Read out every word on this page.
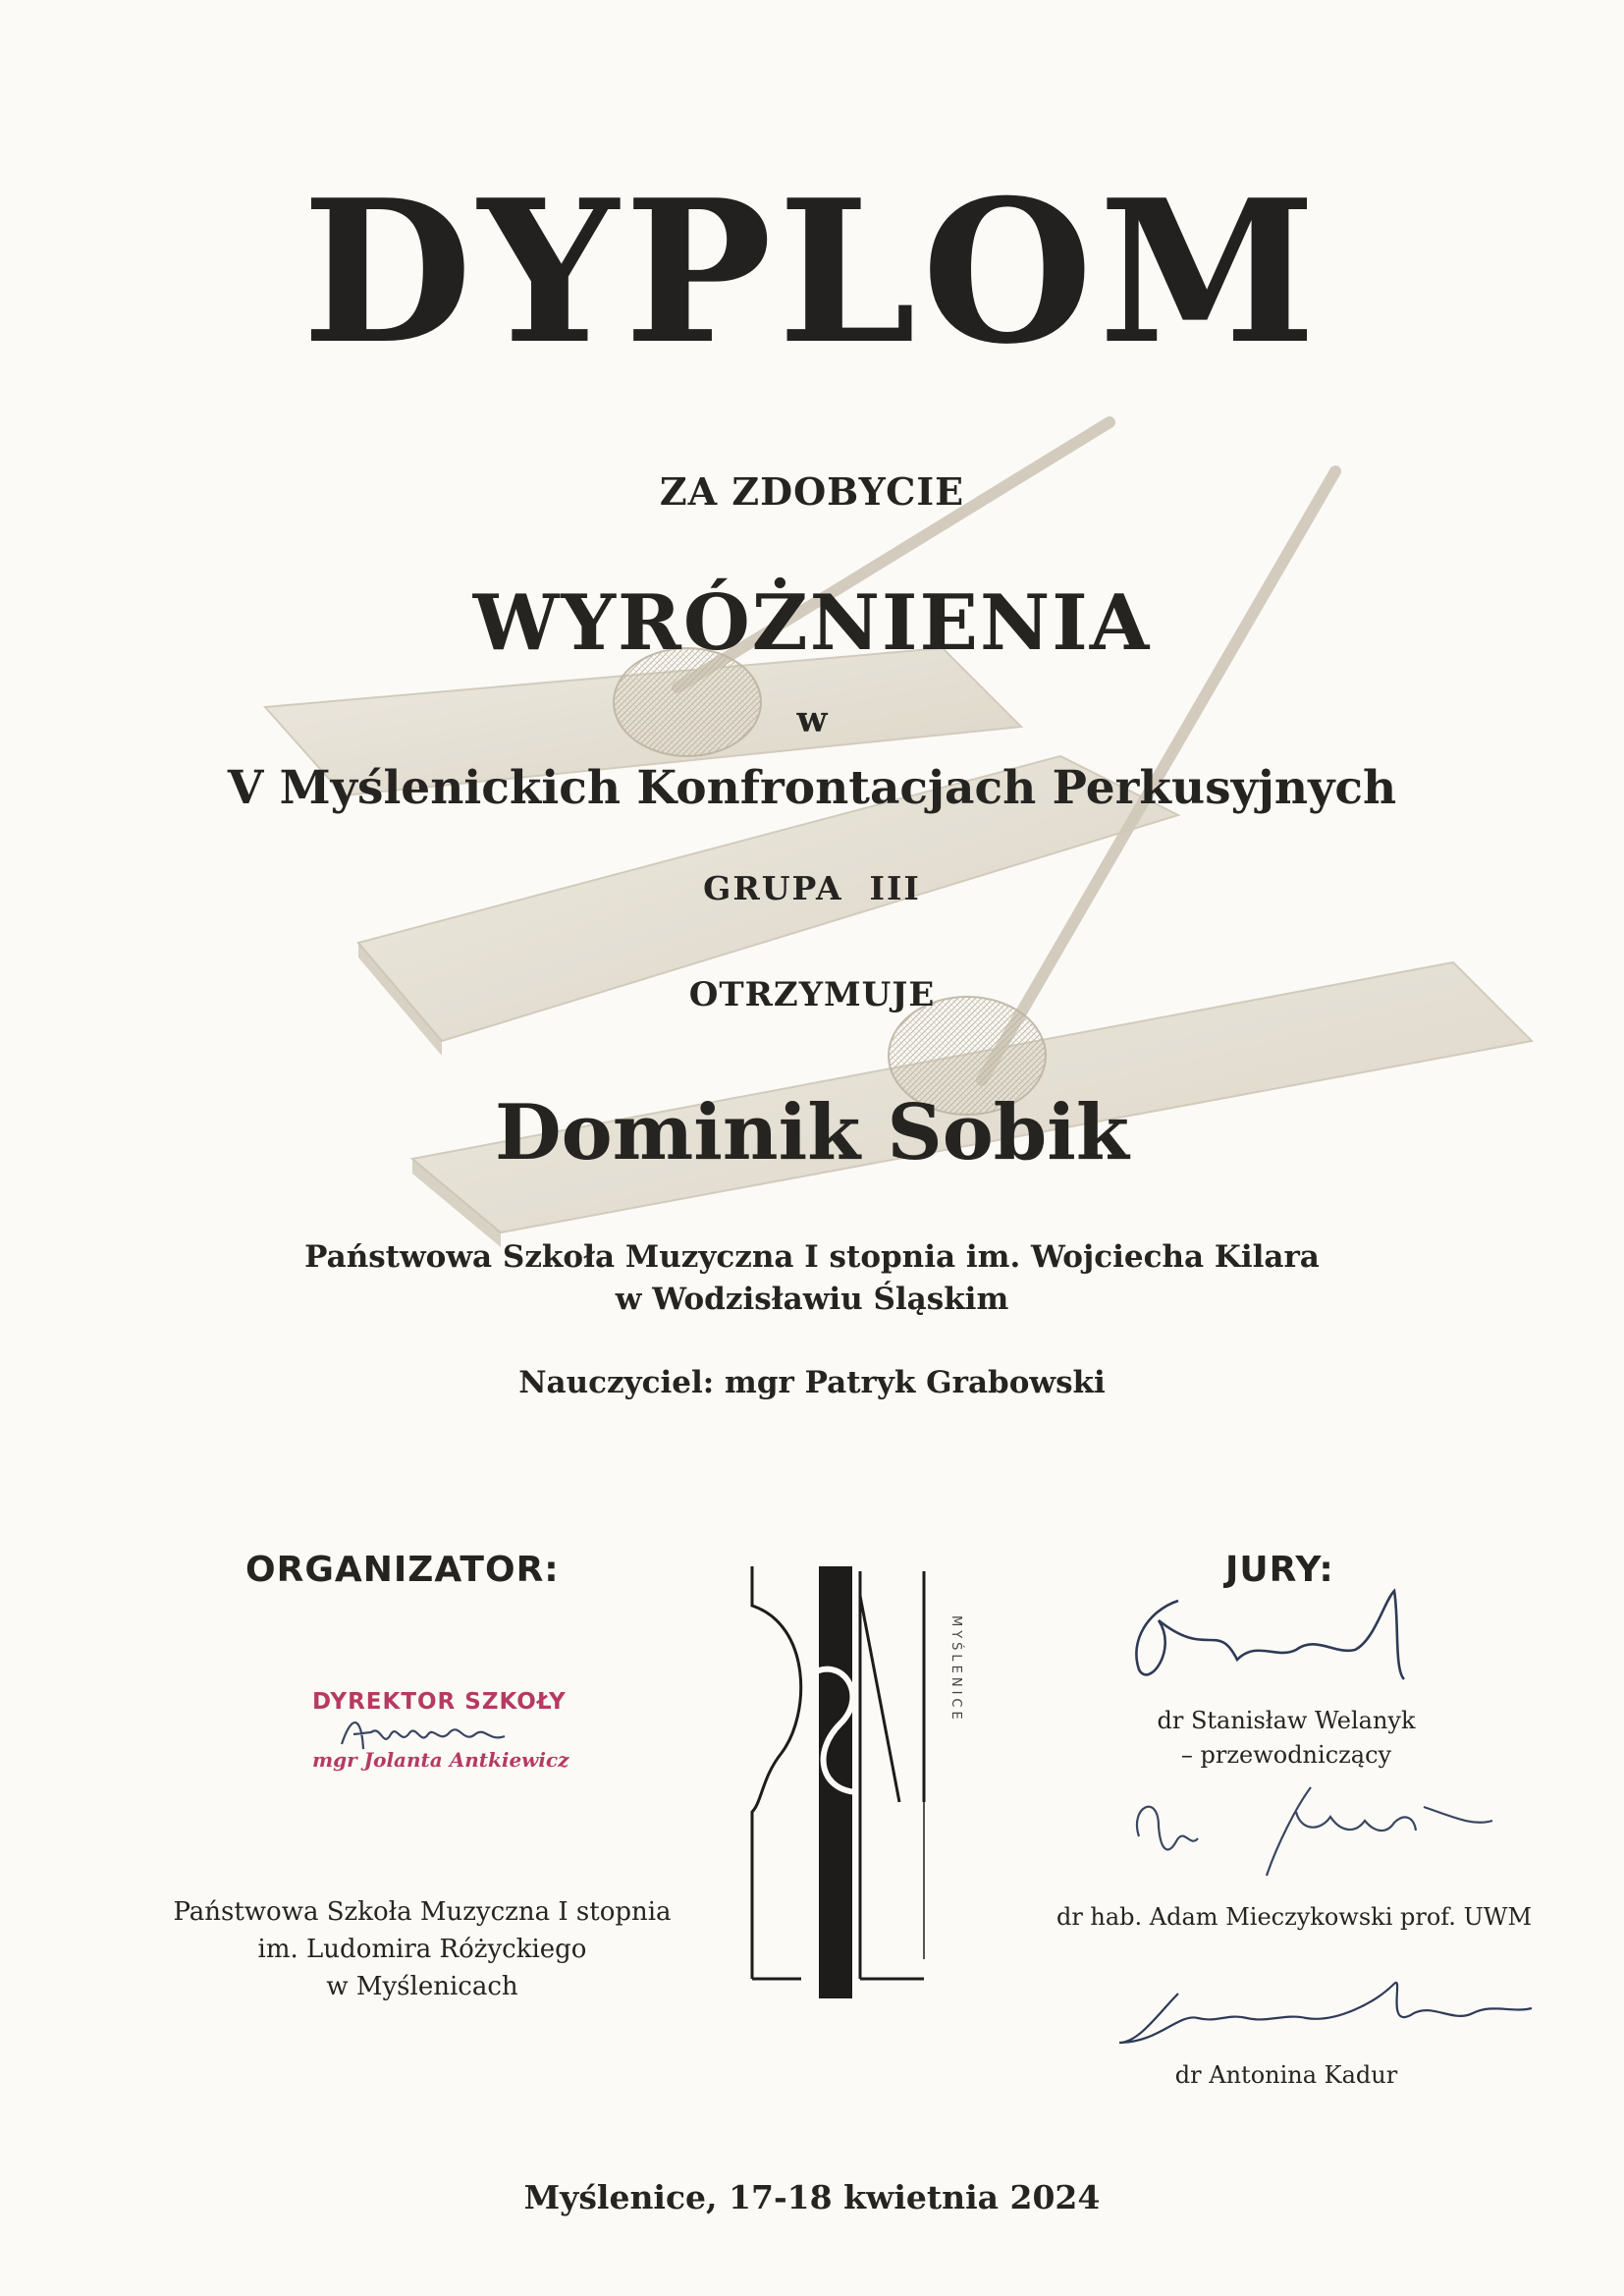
DYPLOM
ZA ZDOBYCIE
WYRÓŻNIENIA
w
V Myślenickich Konfrontacjach Perkusyjnych
GRUPA  III
OTRZYMUJE
Dominik Sobik
Państwowa Szkoła Muzyczna I stopnia im. Wojciecha Kilara
w Wodzisławiu Śląskim
Nauczyciel: mgr Patryk Grabowski
ORGANIZATOR:
DYREKTOR SZKOŁY
mgr Jolanta Antkiewicz
Państwowa Szkoła Muzyczna I stopnia
im. Ludomira Różyckiego
w Myślenicach
MYŚLENICE
JURY:
dr Stanisław Welanyk
– przewodniczący
dr hab. Adam Mieczykowski prof. UWM
dr Antonina Kadur
Myślenice, 17-18 kwietnia 2024
